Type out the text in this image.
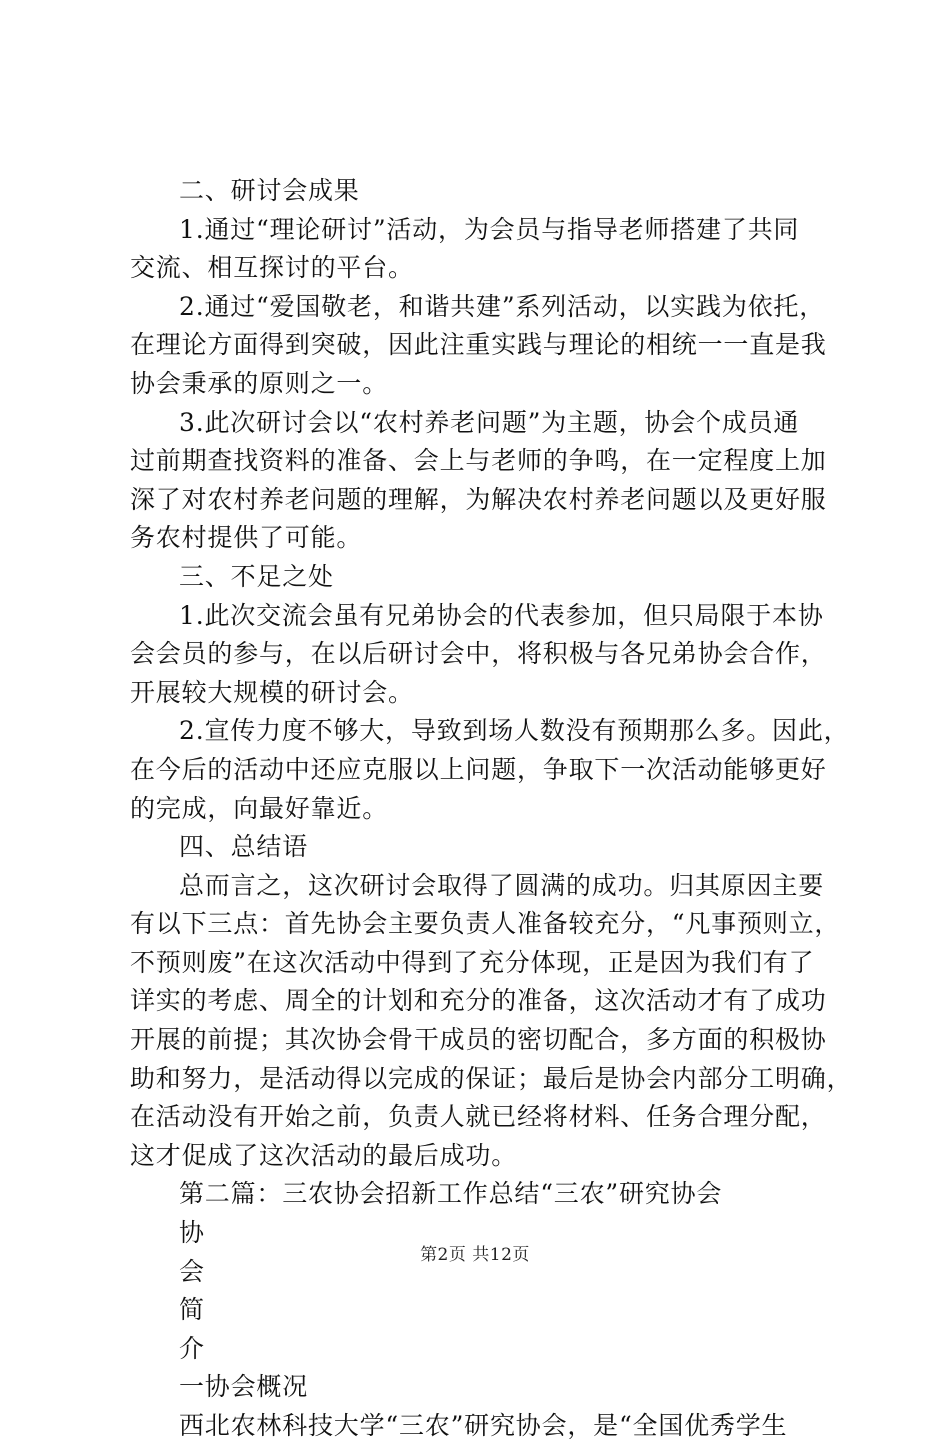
二、研讨会成果
1.通过“理论研讨”活动，为会员与指导老师搭建了共同
交流、相互探讨的平台。
2.通过“爱国敬老，和谐共建”系列活动，以实践为依托，
在理论方面得到突破，因此注重实践与理论的相统一一直是我
协会秉承的原则之一。
3.此次研讨会以“农村养老问题”为主题，协会个成员通
过前期查找资料的准备、会上与老师的争鸣，在一定程度上加
深了对农村养老问题的理解，为解决农村养老问题以及更好服
务农村提供了可能。
三、不足之处
1.此次交流会虽有兄弟协会的代表参加，但只局限于本协
会会员的参与，在以后研讨会中，将积极与各兄弟协会合作，
开展较大规模的研讨会。
2.宣传力度不够大，导致到场人数没有预期那么多。因此，
在今后的活动中还应克服以上问题，争取下一次活动能够更好
的完成，向最好靠近。
四、总结语
总而言之，这次研讨会取得了圆满的成功。归其原因主要
有以下三点：首先协会主要负责人准备较充分，“凡事预则立，
不预则废”在这次活动中得到了充分体现，正是因为我们有了
详实的考虑、周全的计划和充分的准备，这次活动才有了成功
开展的前提；其次协会骨干成员的密切配合，多方面的积极协
助和努力，是活动得以完成的保证；最后是协会内部分工明确，
在活动没有开始之前，负责人就已经将材料、任务合理分配，
这才促成了这次活动的最后成功。
第二篇：三农协会招新工作总结“三农”研究协会
协
会
简
介
一协会概况
西北农林科技大学“三农”研究协会，是“全国优秀学生
第2页 共12页
